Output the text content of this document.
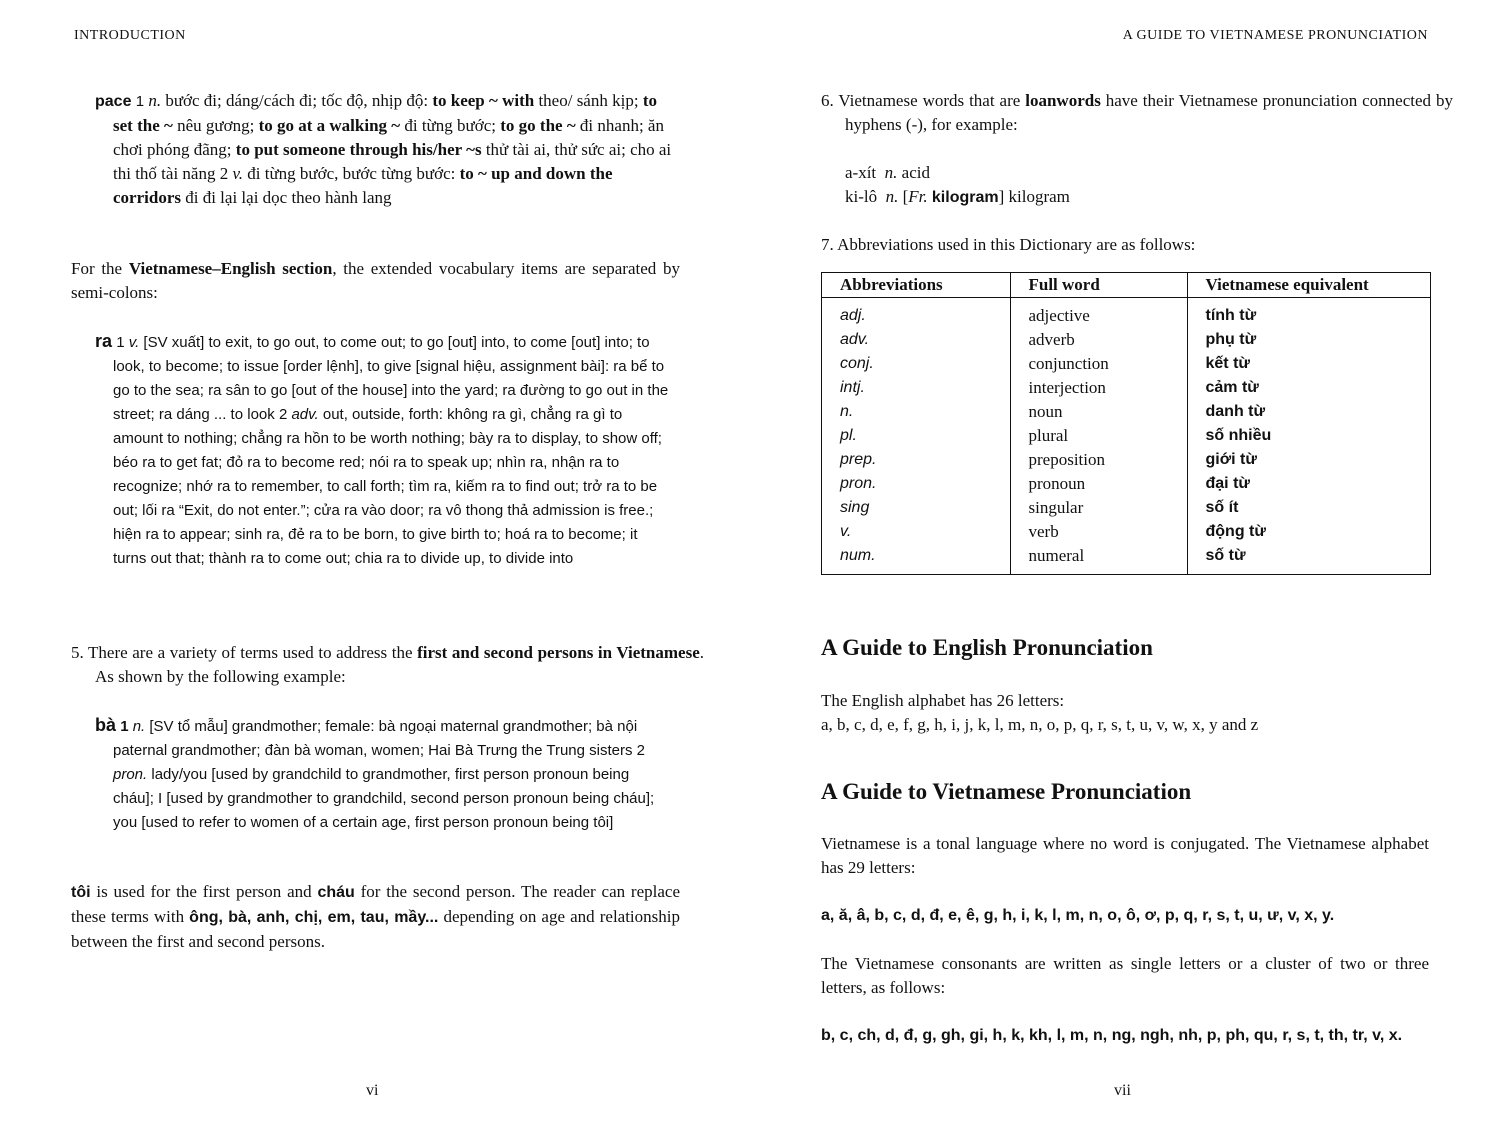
INTRODUCTION
pace 1 n. bước đi; dáng/cách đi; tốc độ, nhịp độ: to keep ~ with theo/ sánh kịp; to set the ~ nêu gương; to go at a walking ~ đi từng bước; to go the ~ đi nhanh; ăn chơi phóng đãng; to put someone through his/her ~s thử tài ai, thử sức ai; cho ai thi thố tài năng 2 v. đi từng bước, bước từng bước: to ~ up and down the corridors đi đi lại lại dọc theo hành lang
For the Vietnamese–English section, the extended vocabulary items are separated by semi-colons:
ra 1 v. [SV xuất] to exit, to go out, to come out; to go [out] into, to come [out] into; to look, to become; to issue [order lệnh], to give [signal hiệu, assignment bài]: ra bể to go to the sea; ra sân to go [out of the house] into the yard; ra đường to go out in the street; ra dáng ... to look 2 adv. out, outside, forth: không ra gì, chẳng ra gì to amount to nothing; chẳng ra hồn to be worth nothing; bày ra to display, to show off; béo ra to get fat; đỏ ra to become red; nói ra to speak up; nhìn ra, nhận ra to recognize; nhớ ra to remember, to call forth; tìm ra, kiếm ra to find out; trở ra to be out; lối ra “Exit, do not enter.”; cửa ra vào door; ra vô thong thả admission is free.; hiện ra to appear; sinh ra, đẻ ra to be born, to give birth to; hoá ra to become; it turns out that; thành ra to come out; chia ra to divide up, to divide into
5. There are a variety of terms used to address the first and second persons in Vietnamese. As shown by the following example:
bà 1 n. [SV tổ mẫu] grandmother; female: bà ngoại maternal grandmother; bà nội paternal grandmother; đàn bà woman, women; Hai Bà Trưng the Trung sisters 2 pron. lady/you [used by grandchild to grandmother, first person pronoun being cháu]; I [used by grandmother to grandchild, second person pronoun being cháu]; you [used to refer to women of a certain age, first person pronoun being tôi]
tôi is used for the first person and cháu for the second person. The reader can replace these terms with ông, bà, anh, chị, em, tau, mầy... depending on age and relationship between the first and second persons.
vi
A GUIDE TO VIETNAMESE PRONUNCIATION
6. Vietnamese words that are loanwords have their Vietnamese pronunciation connected by hyphens (-), for example:
a-xít n. acid
ki-lô n. [Fr. kilogram] kilogram
7. Abbreviations used in this Dictionary are as follows:
Abbreviations	Full word	Vietnamese equivalent
adj.	adjective	tính từ
adv.	adverb	phụ từ
conj.	conjunction	kết từ
intj.	interjection	cảm từ
n.	noun	danh từ
pl.	plural	số nhiều
prep.	preposition	giới từ
pron.	pronoun	đại từ
sing	singular	số ít
v.	verb	động từ
num.	numeral	số từ
A Guide to English Pronunciation
The English alphabet has 26 letters:
a, b, c, d, e, f, g, h, i, j, k, l, m, n, o, p, q, r, s, t, u, v, w, x, y and z
A Guide to Vietnamese Pronunciation
Vietnamese is a tonal language where no word is conjugated. The Vietnamese alphabet has 29 letters:
a, ă, â, b, c, d, đ, e, ê, g, h, i, k, l, m, n, o, ô, ơ, p, q, r, s, t, u, ư, v, x, y.
The Vietnamese consonants are written as single letters or a cluster of two or three letters, as follows:
b, c, ch, d, đ, g, gh, gi, h, k, kh, l, m, n, ng, ngh, nh, p, ph, qu, r, s, t, th, tr, v, x.
vii
